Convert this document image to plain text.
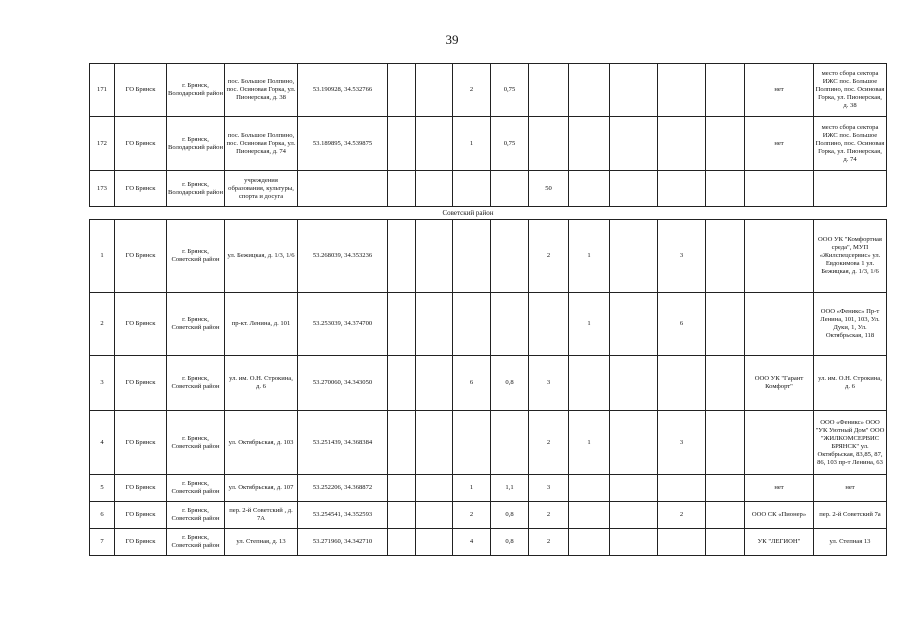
39
171	ГО Брянск	г. Брянск, Володарский район	пос. Большое Полпино, пос. Осиновая Горка, ул. Пионерская, д. 38	53.190928, 34.532766			2	0,75						нет	место сбора сектора ИЖС пос. Большое Полпино, пос. Осиновая Горка, ул. Пионерская, д. 38
172	ГО Брянск	г. Брянск, Володарский район	пос. Большое Полпино, пос. Осиновая Горка, ул. Пионерская, д. 74	53.189895, 34.539875			1	0,75						нет	место сбора сектора ИЖС пос. Большое Полпино, пос. Осиновая Горка, ул. Пионерская, д. 74
173	ГО Брянск	г. Брянск, Володарский район	учреждения образования, культуры, спорта и досуга						50						
Советский район
1	ГО Брянск	г. Брянск, Советский район	ул. Бежицкая, д. 1/3, 1/6	53.268039, 34.353236					2	1		3			ООО УК "Комфортная среда", МУП «Жилспецсервис» ул. Евдокимова 1 ул. Бежицкая, д. 1/3, 1/6
2	ГО Брянск	г. Брянск, Советский район	пр-кт. Ленина, д. 101	53.253039, 34.374700						1		6			ООО «Феникс» Пр-т Ленина, 101, 103, Ул. Дуки, 1, Ул. Октябрьская, 118
3	ГО Брянск	г. Брянск, Советский район	ул. им. О.Н. Строкина, д. 6	53.270060, 34.343050			6	0,8	3					ООО УК "Гарант Комфорт"	ул. им. О.Н. Строкина, д. 6
4	ГО Брянск	г. Брянск, Советский район	ул. Октябрьская, д. 103	53.251439, 34.368384					2	1		3			ООО «Феникс» ООО "УК Уютный Дом" ООО "ЖИЛКОМСЕРВИС БРЯНСК" ул. Октябрьская, 83,85, 87, 86, 103 пр-т Ленина, 63
5	ГО Брянск	г. Брянск, Советский район	ул. Октябрьская, д. 107	53.252206, 34.368872			1	1,1	3					нет	нет
6	ГО Брянск	г. Брянск, Советский район	пер. 2-й Советский , д. 7А	53.254541, 34.352593			2	0,8	2			2		ООО СК «Пионер»	пер. 2-й Советский 7а
7	ГО Брянск	г. Брянск, Советский район	ул. Степная, д. 13	53.271960, 34.342710			4	0,8	2					УК "ЛЕГИОН"	ул. Степная 13
